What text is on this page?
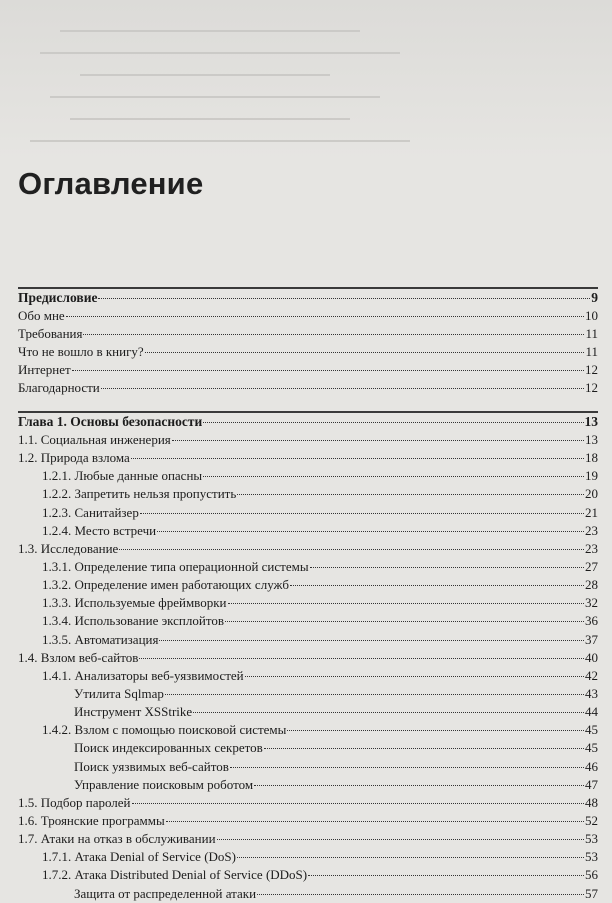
Оглавление
Предисловие	9
Обо мне	10
Требования	11
Что не вошло в книгу?	11
Интернет	12
Благодарности	12
Глава 1. Основы безопасности	13
1.1. Социальная инженерия	13
1.2. Природа взлома	18
1.2.1. Любые данные опасны	19
1.2.2. Запретить нельзя пропустить	20
1.2.3. Санитайзер	21
1.2.4. Место встречи	23
1.3. Исследование	23
1.3.1. Определение типа операционной системы	27
1.3.2. Определение имен работающих служб	28
1.3.3. Используемые фреймворки	32
1.3.4. Использование эксплойтов	36
1.3.5. Автоматизация	37
1.4. Взлом веб-сайтов	40
1.4.1. Анализаторы веб-уязвимостей	42
Утилита Sqlmap	43
Инструмент XSStrike	44
1.4.2. Взлом с помощью поисковой системы	45
Поиск индексированных секретов	45
Поиск уязвимых веб-сайтов	46
Управление поисковым роботом	47
1.5. Подбор паролей	48
1.6. Троянские программы	52
1.7. Атаки на отказ в обслуживании	53
1.7.1. Атака Denial of Service (DoS)	53
1.7.2. Атака Distributed Denial of Service (DDoS)	56
Защита от распределенной атаки	57
